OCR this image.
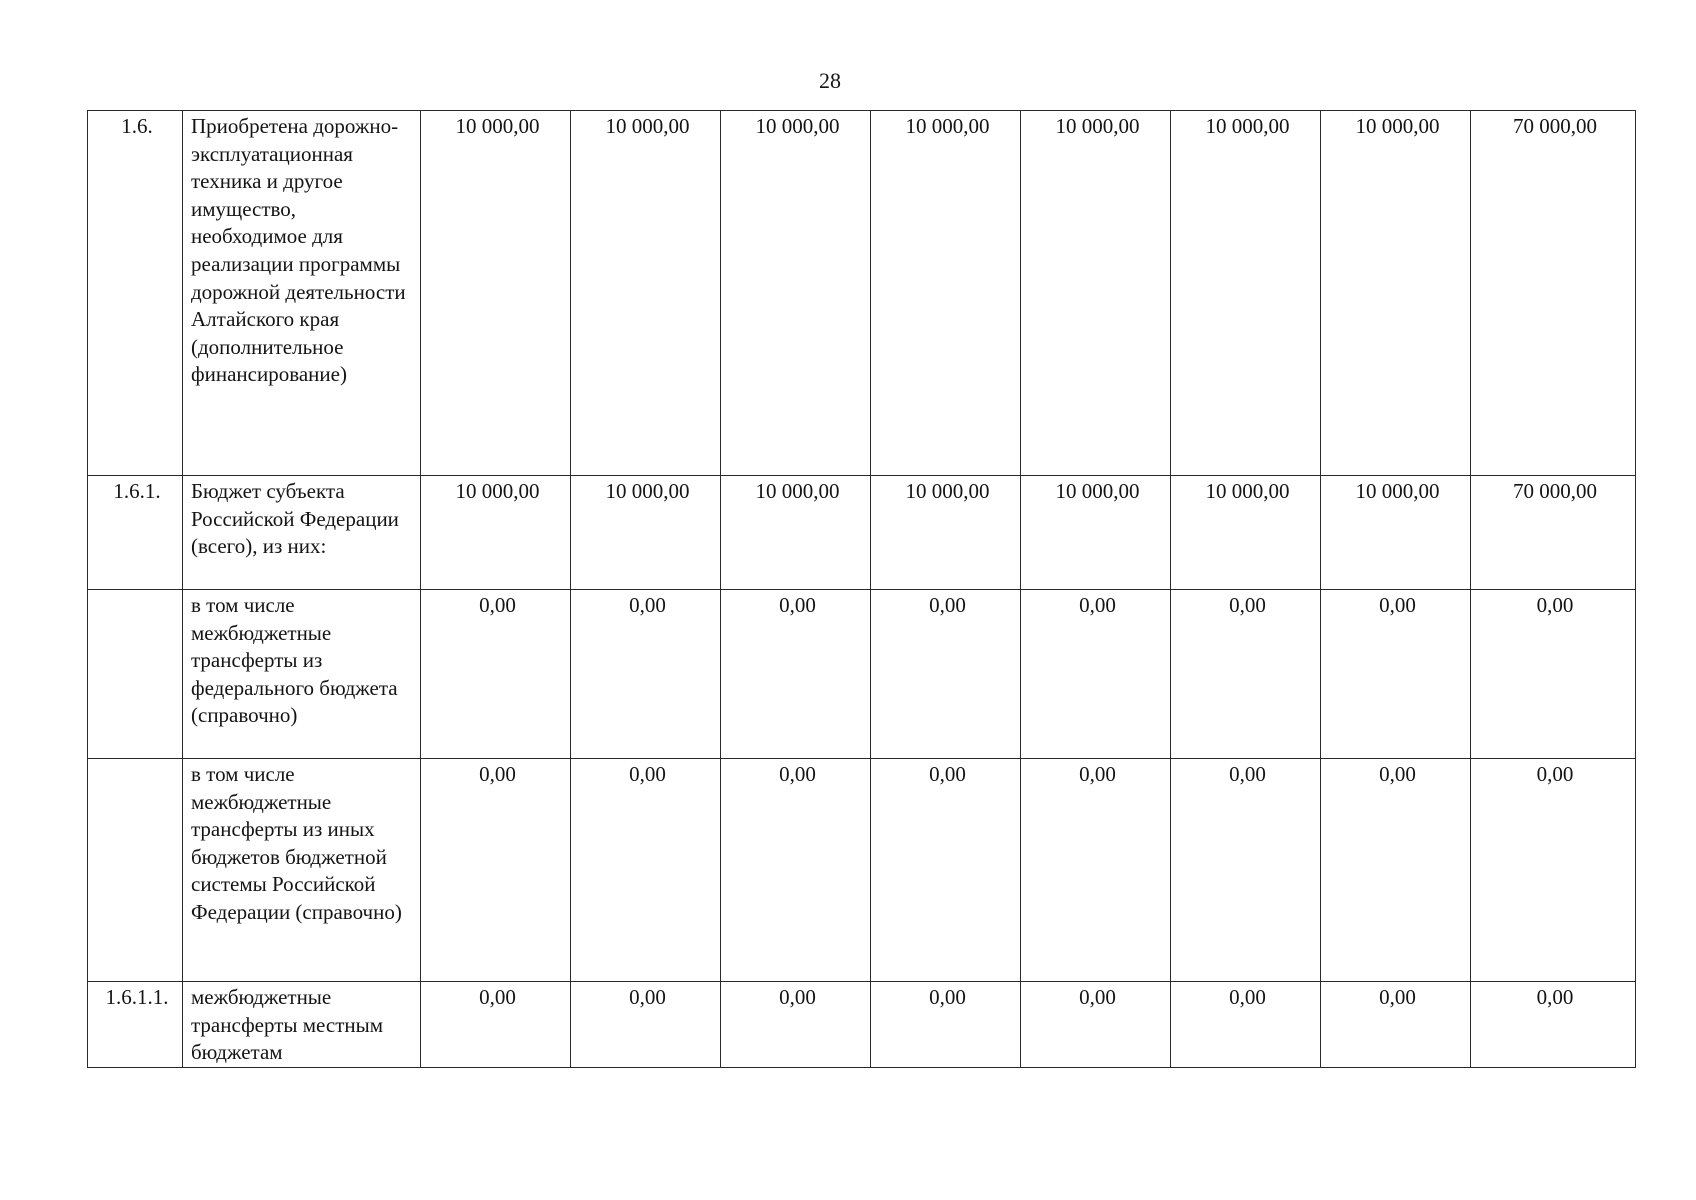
28
1.6.	Приобретена дорожно-эксплуатационная техника и другое имущество, необходимое для реализации программы дорожной деятельности Алтайского края (дополнительное финансирование)	10 000,00	10 000,00	10 000,00	10 000,00	10 000,00	10 000,00	10 000,00	70 000,00
1.6.1.	Бюджет субъекта Российской Федерации (всего), из них:	10 000,00	10 000,00	10 000,00	10 000,00	10 000,00	10 000,00	10 000,00	70 000,00
	в том числе межбюджетные трансферты из федерального бюджета (справочно)	0,00	0,00	0,00	0,00	0,00	0,00	0,00	0,00
	в том числе межбюджетные трансферты из иных бюджетов бюджетной системы Российской Федерации (справочно)	0,00	0,00	0,00	0,00	0,00	0,00	0,00	0,00
1.6.1.1.	межбюджетные трансферты местным бюджетам	0,00	0,00	0,00	0,00	0,00	0,00	0,00	0,00
